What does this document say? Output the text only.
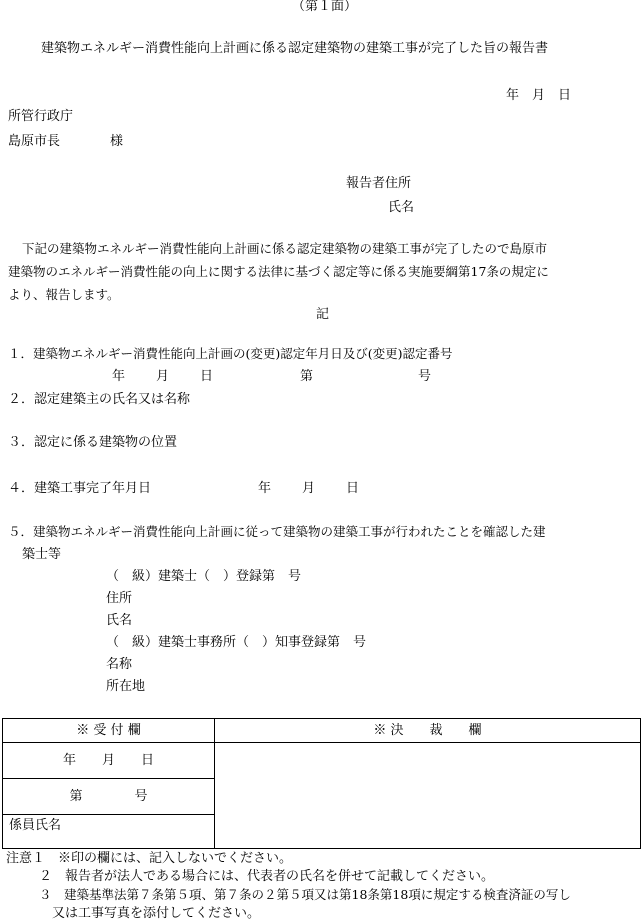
（第１面）
建築物エネルギー消費性能向上計画に係る認定建築物の建築工事が完了した旨の報告書
年　月　日
所管行政庁
島原市長	様
報告者住所
氏名
下記の建築物エネルギー消費性能向上計画に係る認定建築物の建築工事が完了したので島原市
建築物のエネルギー消費性能の向上に関する法律に基づく認定等に係る実施要綱第17条の規定に
より、報告します。
記
１．建築物エネルギー消費性能向上計画の(変更)認定年月日及び(変更)認定番号
年 月 日	第	号
２．認定建築主の氏名又は名称
３．認定に係る建築物の位置
４．建築工事完了年月日	年 月 日
５．建築物エネルギー消費性能向上計画に従って建築物の建築工事が行われたことを確認した建
築士等
（　級）建築士（　）登録第　号
住所
氏名
（　級）建築士事務所（　）知事登録第　号
名称
所在地
※ 受 付 欄	※ 決　　裁　　欄
年　　月　　日	
第　　　　号	
係員氏名	
注意１　※印の欄には、記入しないでください。
２　報告者が法人である場合には、代表者の氏名を併せて記載してください。
３　建築基準法第７条第５項、第７条の２第５項又は第18条第18項に規定する検査済証の写し
又は工事写真を添付してください。
